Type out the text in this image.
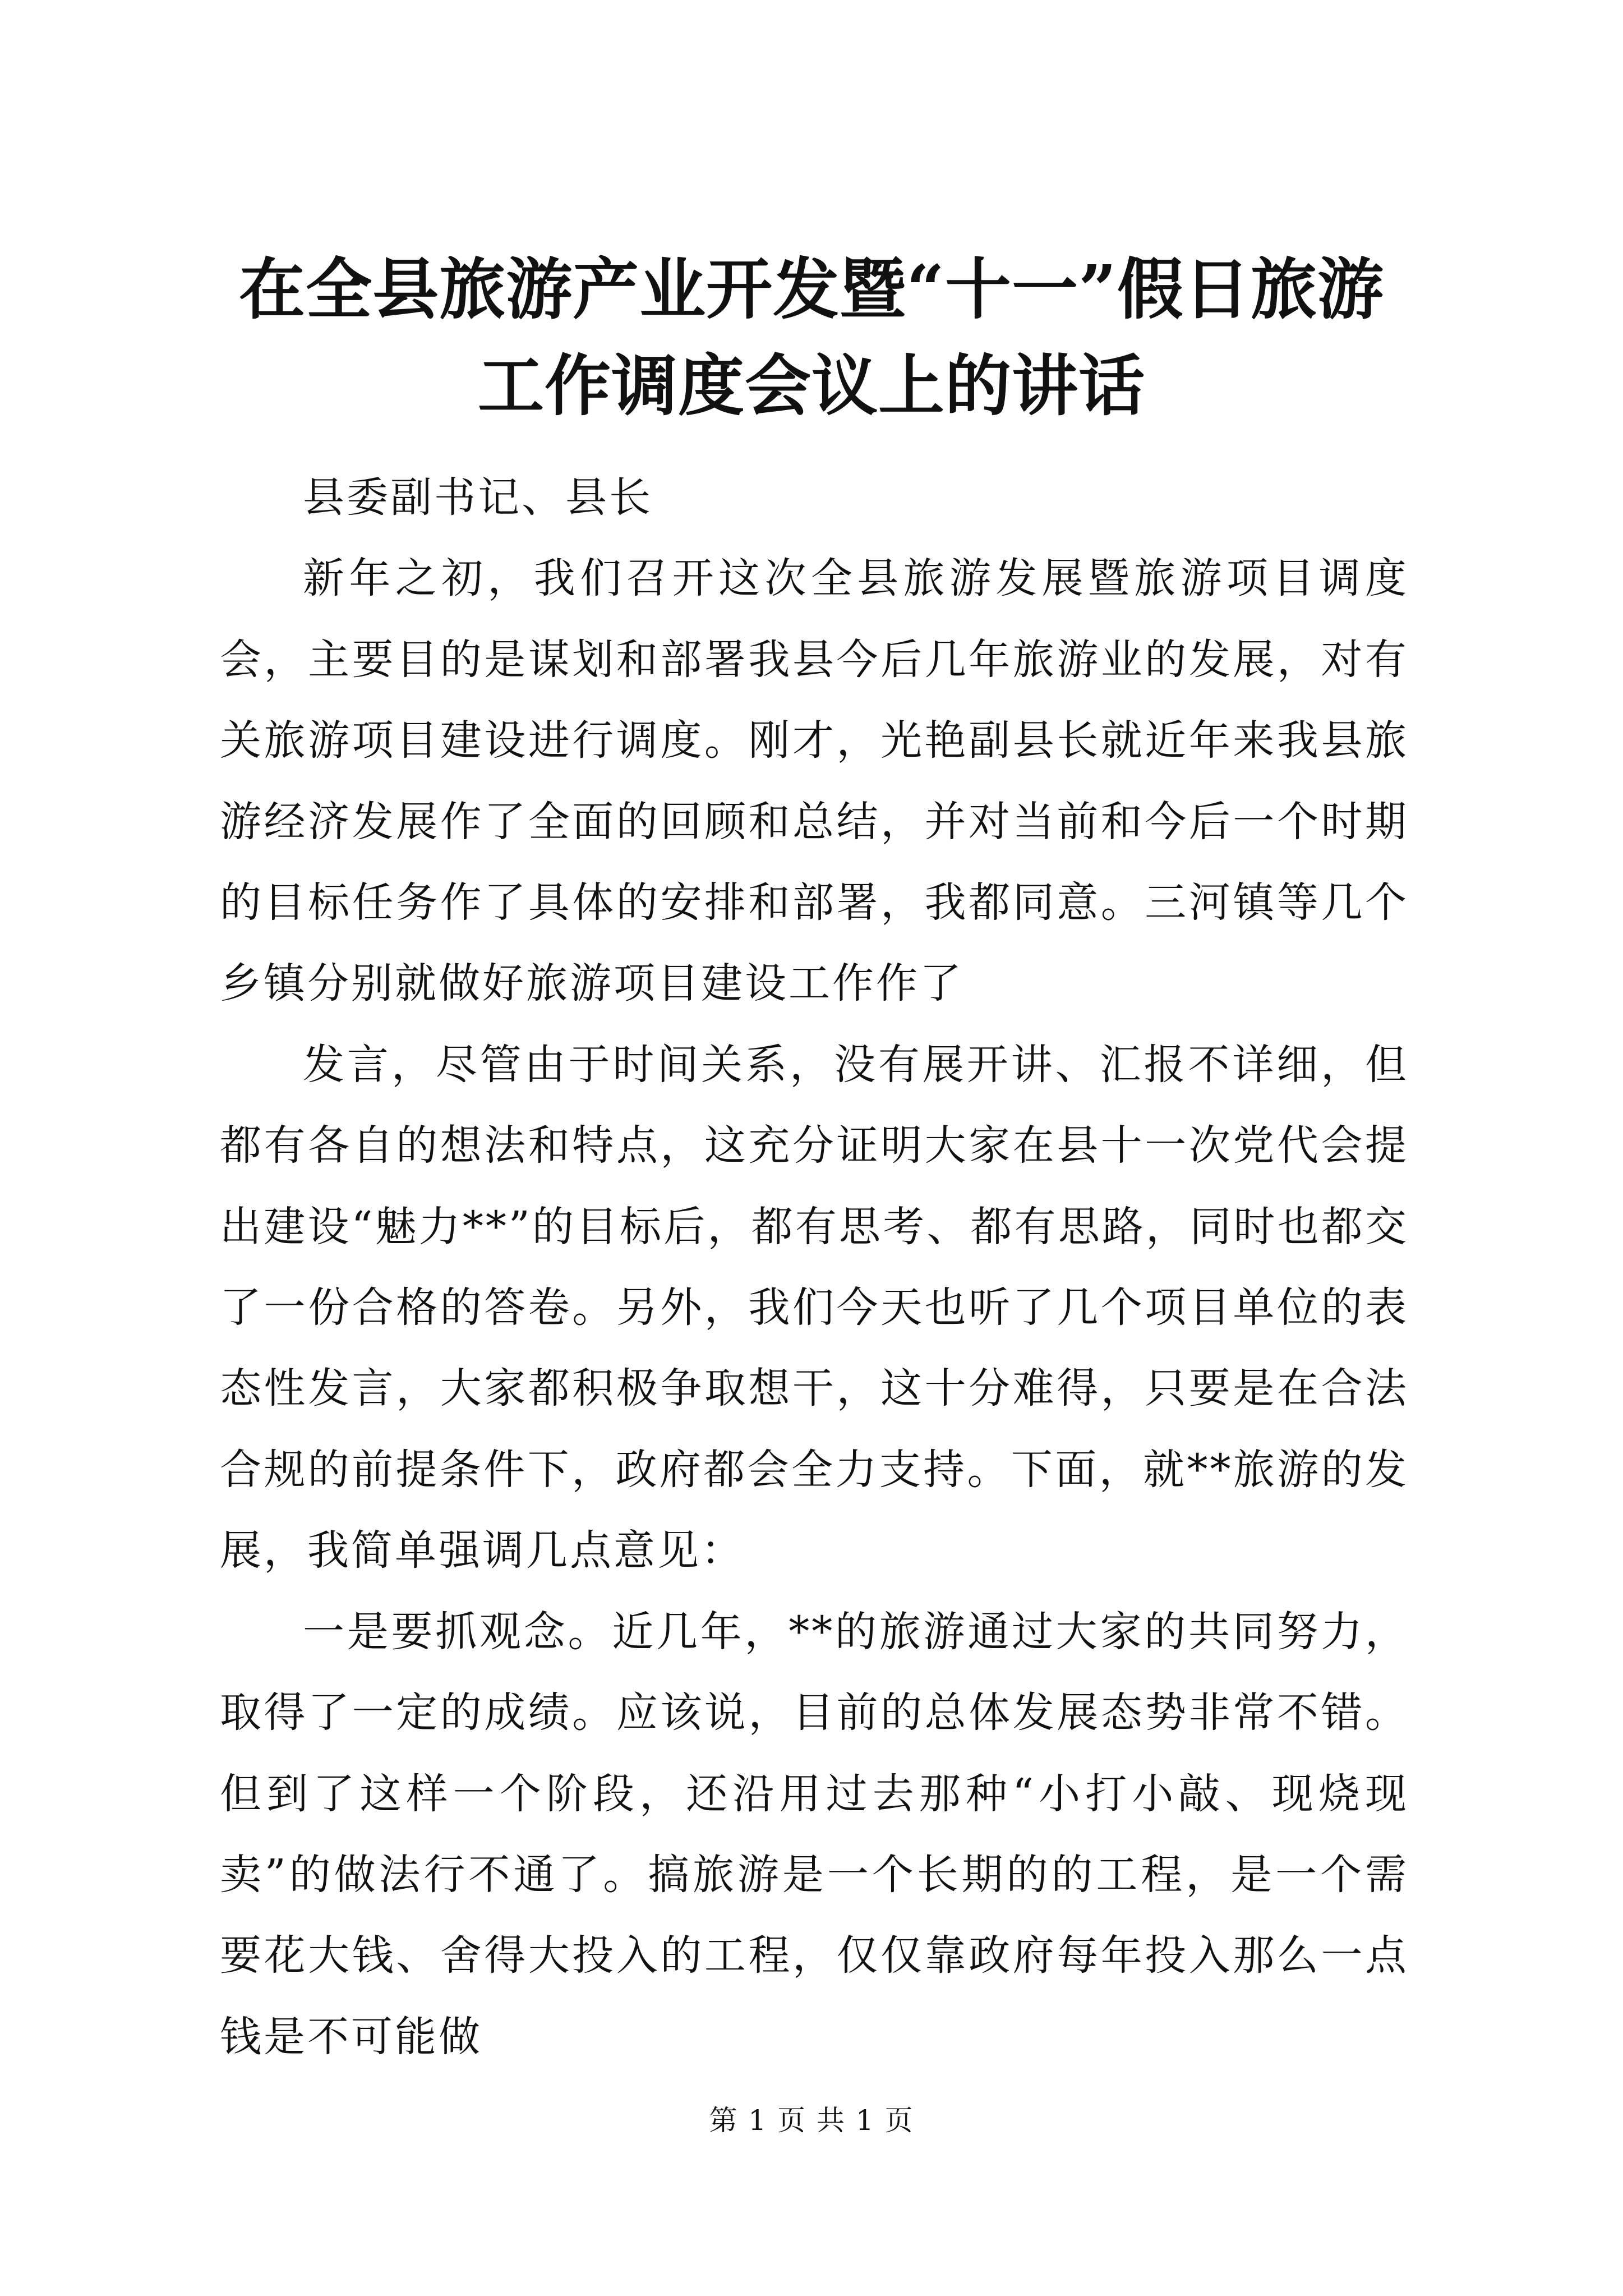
在全县旅游产业开发暨“十一”假日旅游工作调度会议上的讲话

县委副书记、县长

新年之初，我们召开这次全县旅游发展暨旅游项目调度会，主要目的是谋划和部署我县今后几年旅游业的发展，对有关旅游项目建设进行调度。刚才，光艳副县长就近年来我县旅游经济发展作了全面的回顾和总结，并对当前和今后一个时期的目标任务作了具体的安排和部署，我都同意。三河镇等几个乡镇分别就做好旅游项目建设工作作了

发言，尽管由于时间关系，没有展开讲、汇报不详细，但都有各自的想法和特点，这充分证明大家在县十一次党代会提出建设“魅力**”的目标后，都有思考、都有思路，同时也都交了一份合格的答卷。另外，我们今天也听了几个项目单位的表态性发言，大家都积极争取想干，这十分难得，只要是在合法合规的前提条件下，政府都会全力支持。下面，就**旅游的发展，我简单强调几点意见：

一是要抓观念。近几年，**的旅游通过大家的共同努力，取得了一定的成绩。应该说，目前的总体发展态势非常不错。但到了这样一个阶段，还沿用过去那种“小打小敲、现烧现卖”的做法行不通了。搞旅游是一个长期的的工程，是一个需要花大钱、舍得大投入的工程，仅仅靠政府每年投入那么一点钱是不可能做

第 1 页 共 1 页
